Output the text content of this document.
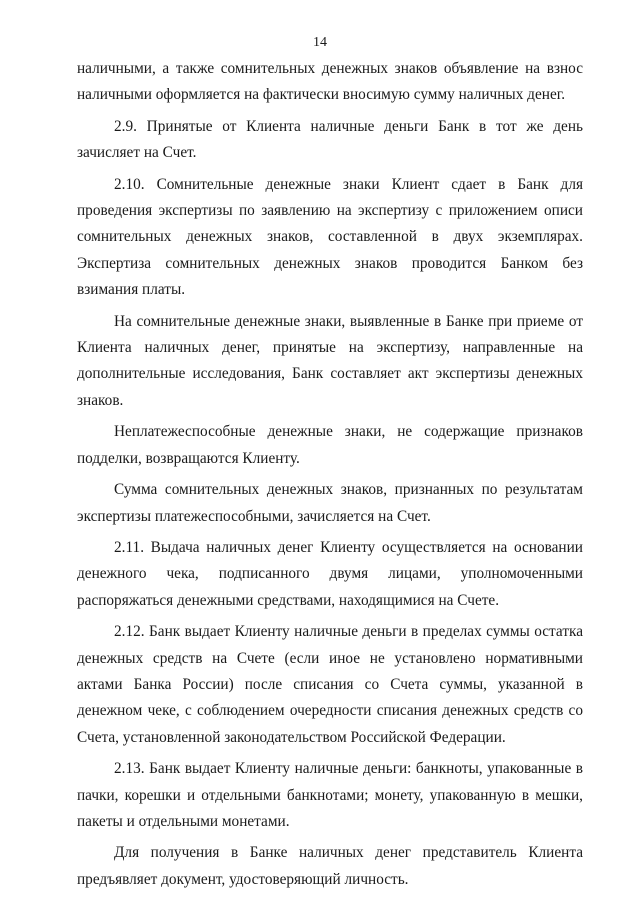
14

наличными, а также сомнительных денежных знаков объявление на взнос наличными оформляется на фактически вносимую сумму наличных денег.

2.9. Принятые от Клиента наличные деньги Банк в тот же день зачисляет на Счет.

2.10. Сомнительные денежные знаки Клиент сдает в Банк для проведения экспертизы по заявлению на экспертизу с приложением описи сомнительных денежных знаков, составленной в двух экземплярах. Экспертиза сомнительных денежных знаков проводится Банком без взимания платы.

На сомнительные денежные знаки, выявленные в Банке при приеме от Клиента наличных денег, принятые на экспертизу, направленные на дополнительные исследования, Банк составляет акт экспертизы денежных знаков.

Неплатежеспособные денежные знаки, не содержащие признаков подделки, возвращаются Клиенту.

Сумма сомнительных денежных знаков, признанных по результатам экспертизы платежеспособными, зачисляется на Счет.

2.11. Выдача наличных денег Клиенту осуществляется на основании денежного чека, подписанного двумя лицами, уполномоченными распоряжаться денежными средствами, находящимися на Счете.

2.12. Банк выдает Клиенту наличные деньги в пределах суммы остатка денежных средств на Счете (если иное не установлено нормативными актами Банка России) после списания со Счета суммы, указанной в денежном чеке, с соблюдением очередности списания денежных средств со Счета, установленной законодательством Российской Федерации.

2.13. Банк выдает Клиенту наличные деньги: банкноты, упакованные в пачки, корешки и отдельными банкнотами; монету, упакованную в мешки, пакеты и отдельными монетами.

Для получения в Банке наличных денег представитель Клиента предъявляет документ, удостоверяющий личность.
